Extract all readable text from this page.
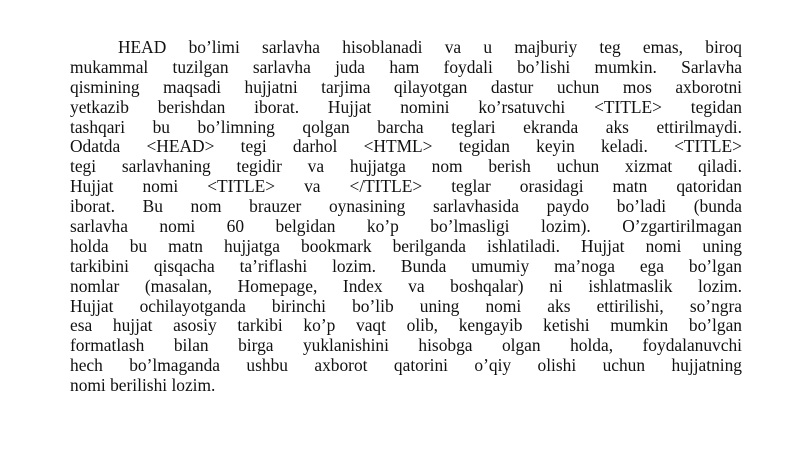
HEAD bo’limi sarlavha hisoblanadi va u majburiy teg emas, biroq
mukammal tuzilgan sarlavha juda ham foydali bo’lishi mumkin. Sarlavha
qismining maqsadi hujjatni tarjima qilayotgan dastur uchun mos axborotni
yetkazib berishdan iborat. Hujjat nomini ko’rsatuvchi <TITLE> tegidan
tashqari bu bo’limning qolgan barcha teglari ekranda aks ettirilmaydi.
Odatda <HEAD> tegi darhol <HTML> tegidan keyin keladi. <TITLE>
tegi sarlavhaning tegidir va hujjatga nom berish uchun xizmat qiladi.
Hujjat nomi <TITLE> va </TITLE> teglar orasidagi matn qatoridan
iborat. Bu nom brauzer oynasining sarlavhasida paydo bo’ladi (bunda
sarlavha nomi 60 belgidan ko’p bo’lmasligi lozim). O’zgartirilmagan
holda bu matn hujjatga bookmark berilganda ishlatiladi. Hujjat nomi uning
tarkibini qisqacha ta’riflashi lozim. Bunda umumiy ma’noga ega bo’lgan
nomlar (masalan, Homepage, Index va boshqalar) ni ishlatmaslik lozim.
Hujjat ochilayotganda birinchi bo’lib uning nomi aks ettirilishi, so’ngra
esa hujjat asosiy tarkibi ko’p vaqt olib, kengayib ketishi mumkin bo’lgan
formatlash bilan birga yuklanishini hisobga olgan holda, foydalanuvchi
hech bo’lmaganda ushbu axborot qatorini o’qiy olishi uchun hujjatning
nomi berilishi lozim.
